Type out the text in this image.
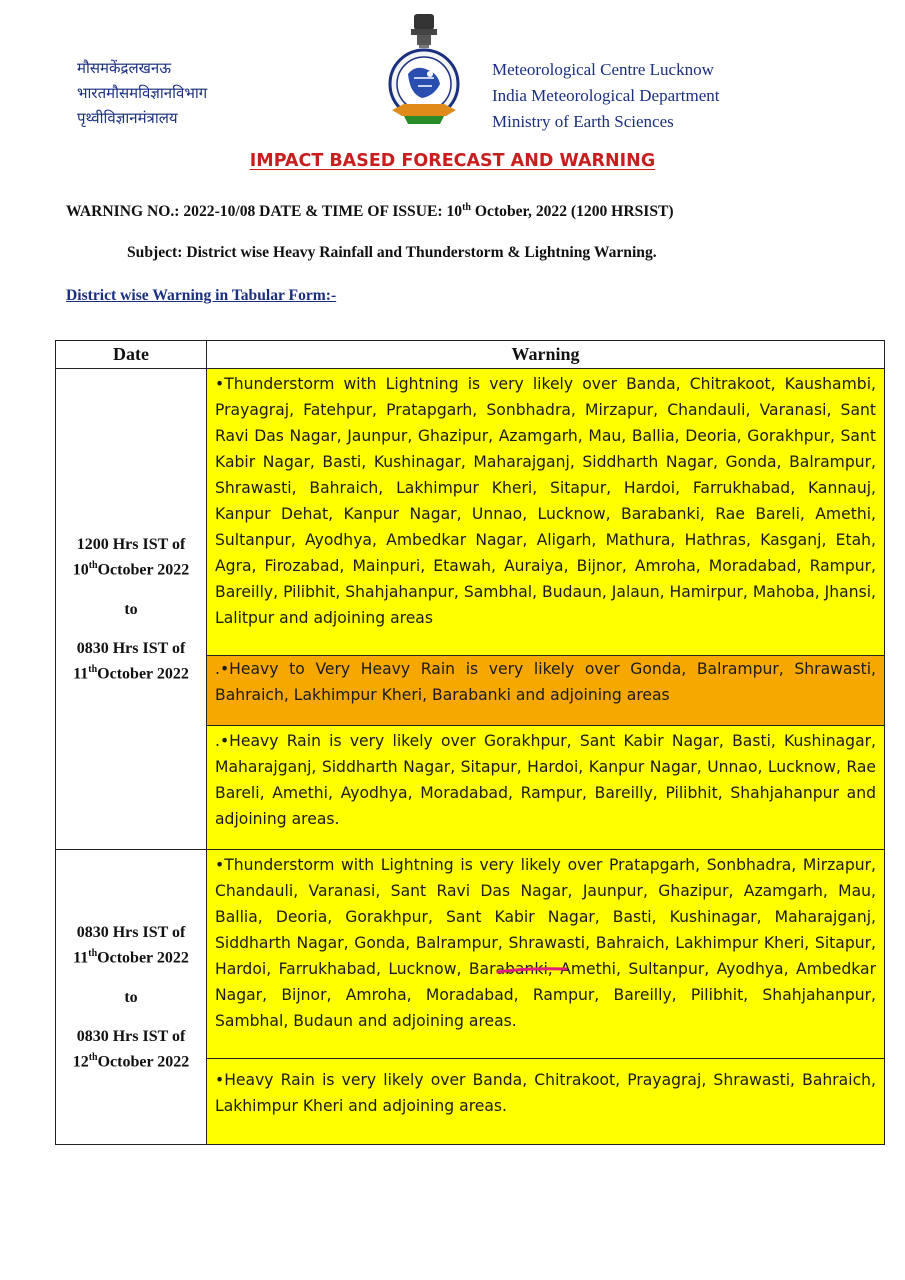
मौसमकेंद्रलखनऊ
भारतमौसमविज्ञानविभाग
पृथ्वीविज्ञानमंत्रालय
Meteorological Centre Lucknow
India Meteorological Department
Ministry of Earth Sciences
IMPACT BASED FORECAST AND WARNING
WARNING NO.: 2022-10/08 DATE & TIME OF ISSUE: 10th October, 2022 (1200 HRSIST)
Subject: District wise Heavy Rainfall and Thunderstorm & Lightning Warning.
District wise Warning in Tabular Form:-
Date	Warning
1200 Hrs IST of
10thOctober 2022
to
0830 Hrs IST of
11thOctober 2022
•Thunderstorm with Lightning is very likely over Banda, Chitrakoot, Kaushambi, Prayagraj, Fatehpur, Pratapgarh, Sonbhadra, Mirzapur, Chandauli, Varanasi, Sant Ravi Das Nagar, Jaunpur, Ghazipur, Azamgarh, Mau, Ballia, Deoria, Gorakhpur, Sant Kabir Nagar, Basti, Kushinagar, Maharajganj, Siddharth Nagar, Gonda, Balrampur, Shrawasti, Bahraich, Lakhimpur Kheri, Sitapur, Hardoi, Farrukhabad, Kannauj, Kanpur Dehat, Kanpur Nagar, Unnao, Lucknow, Barabanki, Rae Bareli, Amethi, Sultanpur, Ayodhya, Ambedkar Nagar, Aligarh, Mathura, Hathras, Kasganj, Etah, Agra, Firozabad, Mainpuri, Etawah, Auraiya, Bijnor, Amroha, Moradabad, Rampur, Bareilly, Pilibhit, Shahjahanpur, Sambhal, Budaun, Jalaun, Hamirpur, Mahoba, Jhansi, Lalitpur and adjoining areas
.•Heavy to Very Heavy Rain is very likely over Gonda, Balrampur, Shrawasti, Bahraich, Lakhimpur Kheri, Barabanki and adjoining areas
.•Heavy Rain is very likely over Gorakhpur, Sant Kabir Nagar, Basti, Kushinagar, Maharajganj, Siddharth Nagar, Sitapur, Hardoi, Kanpur Nagar, Unnao, Lucknow, Rae Bareli, Amethi, Ayodhya, Moradabad, Rampur, Bareilly, Pilibhit, Shahjahanpur and adjoining areas.
0830 Hrs IST of
11thOctober 2022
to
0830 Hrs IST of
12thOctober 2022
•Thunderstorm with Lightning is very likely over Pratapgarh, Sonbhadra, Mirzapur, Chandauli, Varanasi, Sant Ravi Das Nagar, Jaunpur, Ghazipur, Azamgarh, Mau, Ballia, Deoria, Gorakhpur, Sant Kabir Nagar, Basti, Kushinagar, Maharajganj, Siddharth Nagar, Gonda, Balrampur, Shrawasti, Bahraich, Lakhimpur Kheri, Sitapur, Hardoi, Farrukhabad, Lucknow, Barabanki, Amethi, Sultanpur, Ayodhya, Ambedkar Nagar, Bijnor, Amroha, Moradabad, Rampur, Bareilly, Pilibhit, Shahjahanpur, Sambhal, Budaun and adjoining areas.
•Heavy Rain is very likely over Banda, Chitrakoot, Prayagraj, Shrawasti, Bahraich, Lakhimpur Kheri and adjoining areas.
